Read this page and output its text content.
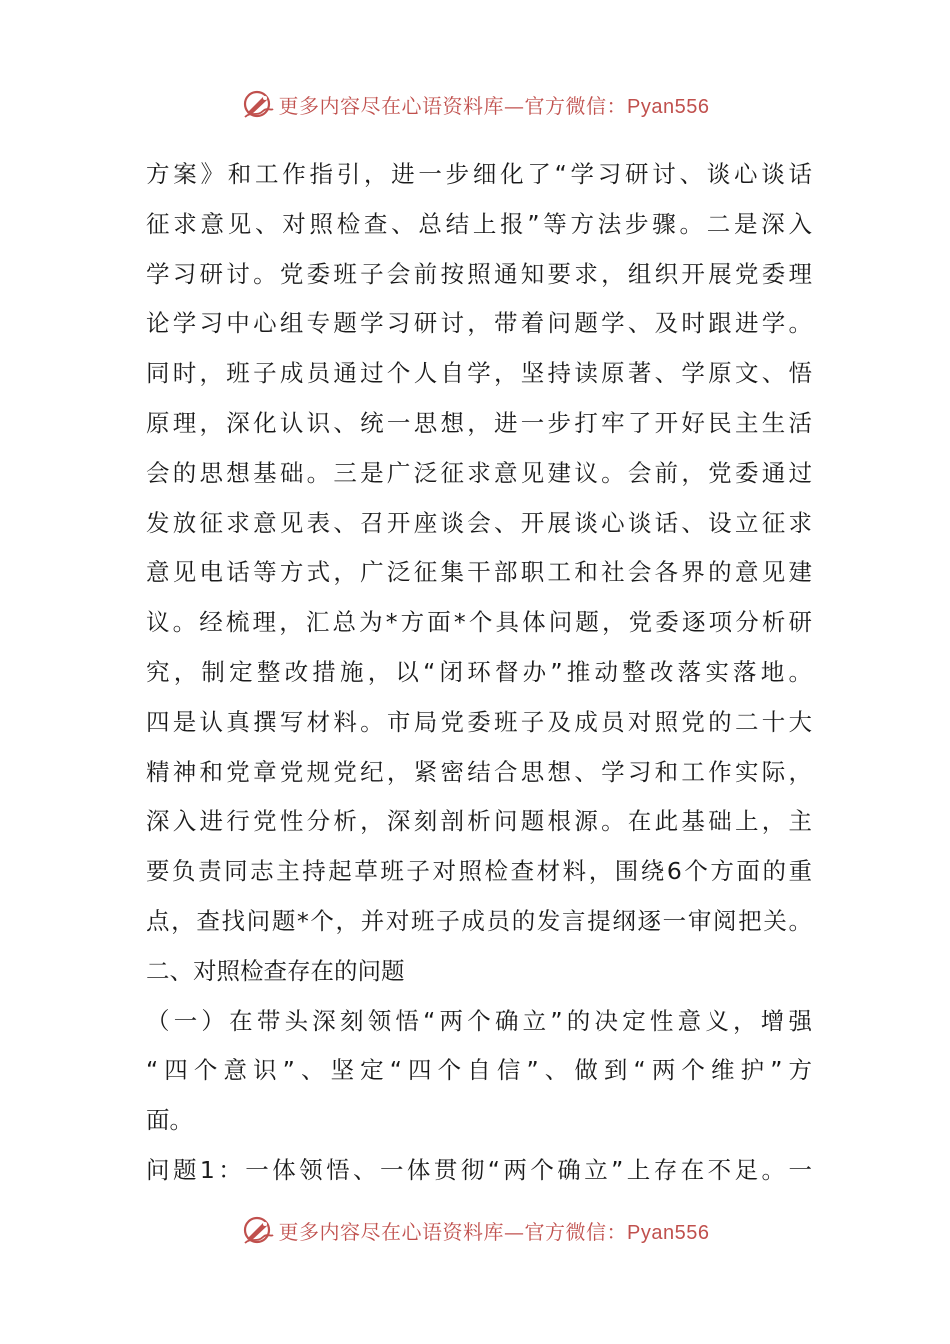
更多内容尽在心语资料库—官方微信：Pyan556
方案》和工作指引，进一步细化了“学习研讨、谈心谈话
征求意见、对照检查、总结上报”等方法步骤。二是深入
学习研讨。党委班子会前按照通知要求，组织开展党委理
论学习中心组专题学习研讨，带着问题学、及时跟进学。
同时，班子成员通过个人自学，坚持读原著、学原文、悟
原理，深化认识、统一思想，进一步打牢了开好民主生活
会的思想基础。三是广泛征求意见建议。会前，党委通过
发放征求意见表、召开座谈会、开展谈心谈话、设立征求
意见电话等方式，广泛征集干部职工和社会各界的意见建
议。经梳理，汇总为*方面*个具体问题，党委逐项分析研
究，制定整改措施，以“闭环督办”推动整改落实落地。
四是认真撰写材料。市局党委班子及成员对照党的二十大
精神和党章党规党纪，紧密结合思想、学习和工作实际，
深入进行党性分析，深刻剖析问题根源。在此基础上，主
要负责同志主持起草班子对照检查材料，围绕6个方面的重
点，查找问题*个，并对班子成员的发言提纲逐一审阅把关。
二、对照检查存在的问题
（一）在带头深刻领悟“两个确立”的决定性意义，增强
“四个意识”、坚定“四个自信”、做到“两个维护”方
面。
问题1：一体领悟、一体贯彻“两个确立”上存在不足。一
更多内容尽在心语资料库—官方微信：Pyan556
